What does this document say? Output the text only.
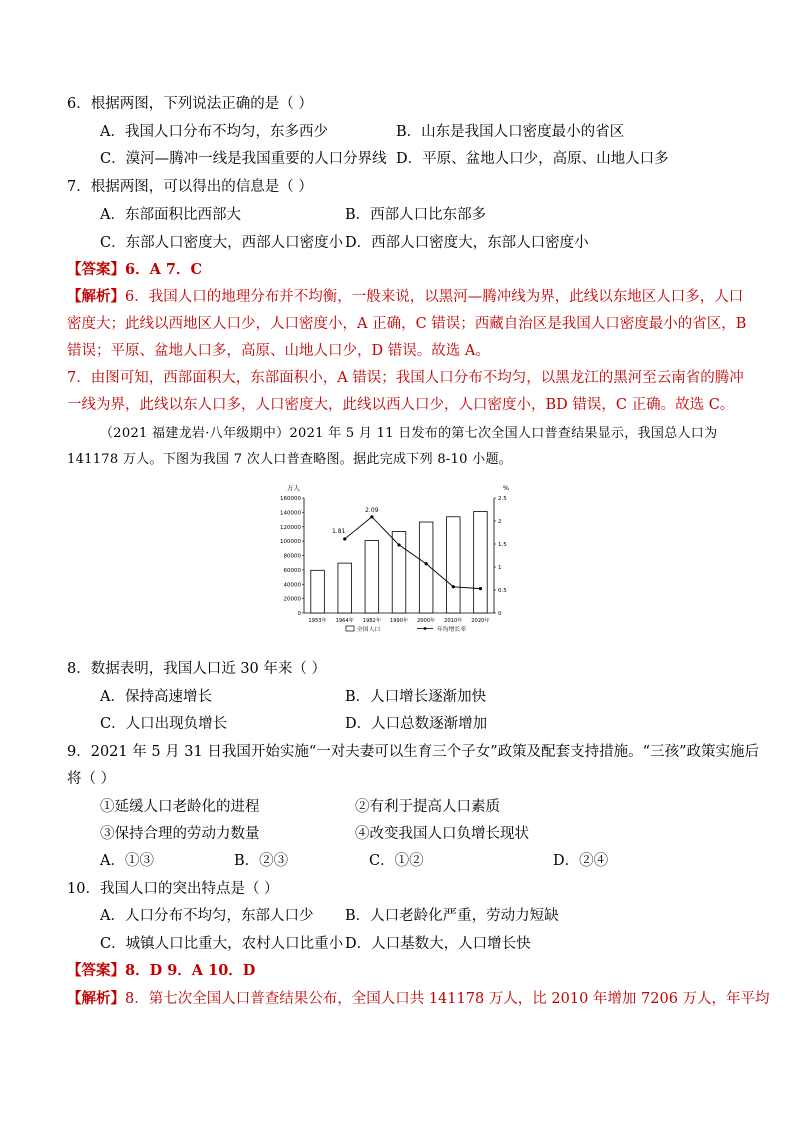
6．根据两图，下列说法正确的是（ ）
A．我国人口分布不均匀，东多西少	B．山东是我国人口密度最小的省区
C．漠河—腾冲一线是我国重要的人口分界线 D．平原、盆地人口少，高原、山地人口多
7．根据两图，可以得出的信息是（ ）
A．东部面积比西部大	B．西部人口比东部多
C．东部人口密度大，西部人口密度小 D．西部人口密度大，东部人口密度小
【答案】6．A 7．C
【解析】6．我国人口的地理分布并不均衡，一般来说，以黑河—腾冲线为界，此线以东地区人口多，人口
密度大；此线以西地区人口少，人口密度小，A 正确，C 错误；西藏自治区是我国人口密度最小的省区，B
错误；平原、盆地人口多，高原、山地人口少，D 错误。故选 A。
7．由图可知，西部面积大，东部面积小，A 错误；我国人口分布不均匀，以黑龙江的黑河至云南省的腾冲
一线为界，此线以东人口多，人口密度大，此线以西人口少，人口密度小，BD 错误，C 正确。故选 C。
（2021 福建龙岩·八年级期中）2021 年 5 月 11 日发布的第七次全国人口普查结果显示，我国总人口为
141178 万人。下图为我国 7 次人口普查略图。据此完成下列 8-10 小题。
万人	%
0
20000
40000
60000
80000
100000
120000
140000
160000
0
0.5
1
1.5
2
2.5
1953年 1964年 1982年 1990年 2000年 2010年 2020年
1.81
2.09
全国人口	年均增长率
8．数据表明，我国人口近 30 年来（ ）
A．保持高速增长	B．人口增长逐渐加快
C．人口出现负增长	D．人口总数逐渐增加
9．2021 年 5 月 31 日我国开始实施“一对夫妻可以生育三个子女”政策及配套支持措施。“三孩”政策实施后
将（ ）
①延缓人口老龄化的进程	②有利于提高人口素质
③保持合理的劳动力数量	④改变我国人口负增长现状
A．①③	B．②③	C．①②	D．②④
10．我国人口的突出特点是（ ）
A．人口分布不均匀，东部人口少 B．人口老龄化严重，劳动力短缺
C．城镇人口比重大，农村人口比重小 D．人口基数大，人口增长快
【答案】8．D 9．A 10．D
【解析】8．第七次全国人口普查结果公布，全国人口共 141178 万人，比 2010 年增加 7206 万人，年平均
